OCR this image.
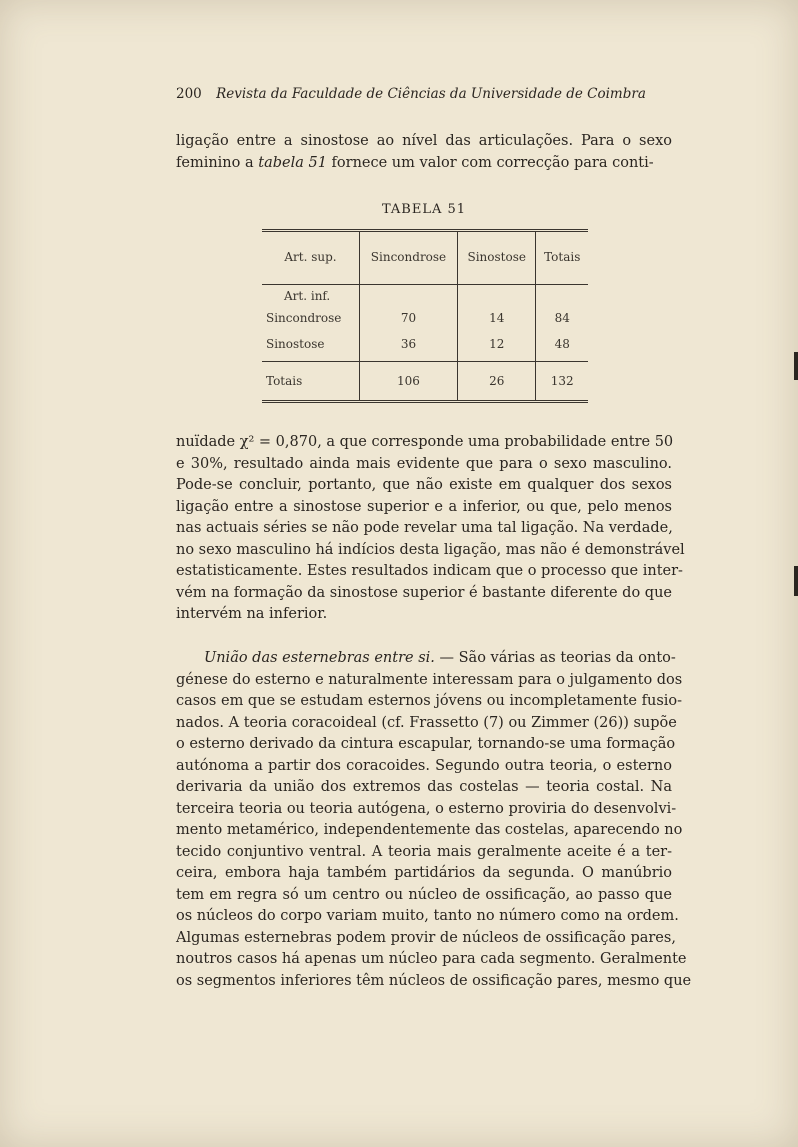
200 Revista da Faculdade de Ciências da Universidade de Coimbra
ligação entre a sinostose ao nível das articulações. Para o sexo
feminino a tabela 51 fornece um valor com correcção para conti-
TABELA 51
Art. sup.	Sincondrose	Sinostose	Totais

Art. inf.			
Sincondrose	70	14	84
Sinostose	36	12	48

Totais	106	26	132
nuïdade χ² = 0,870, a que corresponde uma probabilidade entre 50
e 30%, resultado ainda mais evidente que para o sexo masculino.
Pode-se concluir, portanto, que não existe em qualquer dos sexos
ligação entre a sinostose superior e a inferior, ou que, pelo menos
nas actuais séries se não pode revelar uma tal ligação. Na verdade,
no sexo masculino há indícios desta ligação, mas não é demonstrável
estatisticamente. Estes resultados indicam que o processo que inter-
vém na formação da sinostose superior é bastante diferente do que
intervém na inferior.
União das esternebras entre si. — São várias as teorias da onto-
génese do esterno e naturalmente interessam para o julgamento dos
casos em que se estudam esternos jóvens ou incompletamente fusio-
nados. A teoria coracoideal (cf. Frassetto (7) ou Zimmer (26)) supõe
o esterno derivado da cintura escapular, tornando-se uma formação
autónoma a partir dos coracoides. Segundo outra teoria, o esterno
derivaria da união dos extremos das costelas — teoria costal. Na
terceira teoria ou teoria autógena, o esterno proviria do desenvolvi-
mento metamérico, independentemente das costelas, aparecendo no
tecido conjuntivo ventral. A teoria mais geralmente aceite é a ter-
ceira, embora haja também partidários da segunda. O manúbrio
tem em regra só um centro ou núcleo de ossificação, ao passo que
os núcleos do corpo variam muito, tanto no número como na ordem.
Algumas esternebras podem provir de núcleos de ossificação pares,
noutros casos há apenas um núcleo para cada segmento. Geralmente
os segmentos inferiores têm núcleos de ossificação pares, mesmo que
